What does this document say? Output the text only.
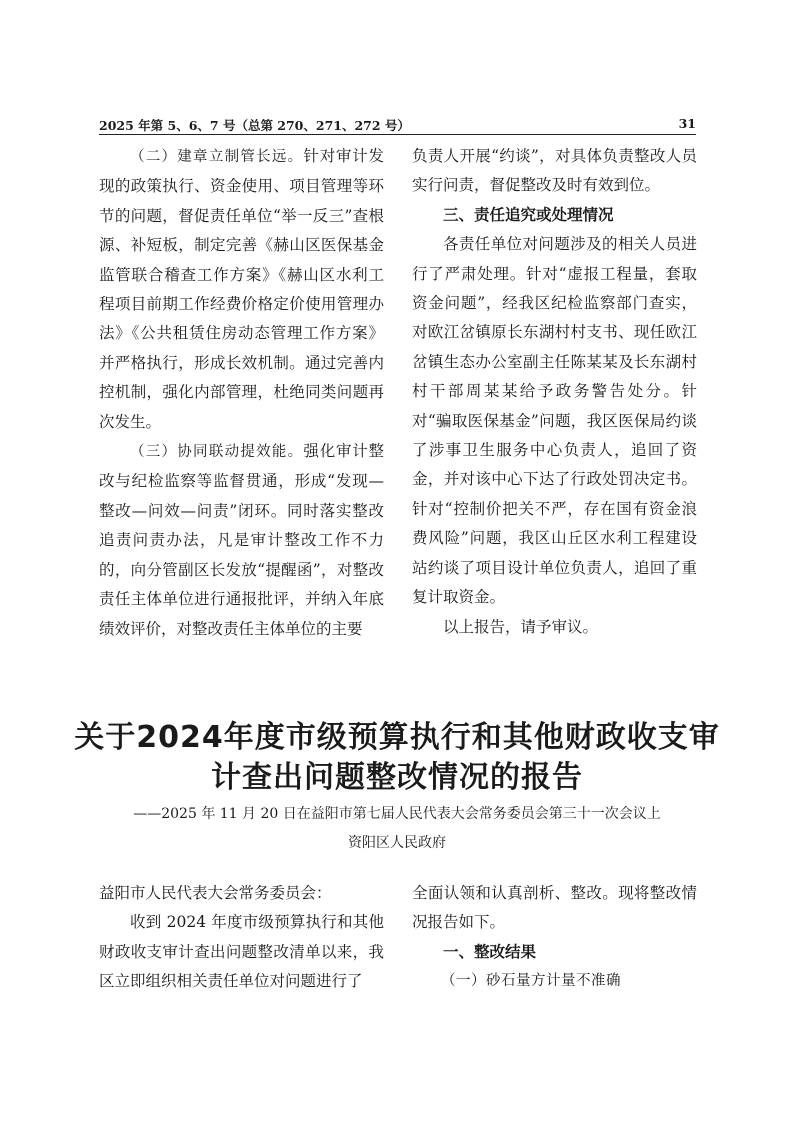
2025 年第 5、6、7 号（总第 270、271、272 号）	31

（二）建章立制管长远。针对审计发现的政策执行、资金使用、项目管理等环节的问题，督促责任单位“举一反三”查根源、补短板，制定完善《赫山区医保基金监管联合稽查工作方案》《赫山区水利工程项目前期工作经费价格定价使用管理办法》《公共租赁住房动态管理工作方案》并严格执行，形成长效机制。通过完善内控机制，强化内部管理，杜绝同类问题再次发生。

（三）协同联动提效能。强化审计整改与纪检监察等监督贯通，形成“发现—整改—问效—问责”闭环。同时落实整改追责问责办法，凡是审计整改工作不力的，向分管副区长发放“提醒函”，对整改责任主体单位进行通报批评，并纳入年底绩效评价，对整改责任主体单位的主要

负责人开展“约谈”，对具体负责整改人员实行问责，督促整改及时有效到位。

三、责任追究或处理情况

各责任单位对问题涉及的相关人员进行了严肃处理。针对“虚报工程量，套取资金问题”，经我区纪检监察部门查实，对欧江岔镇原长东湖村村支书、现任欧江岔镇生态办公室副主任陈某某及长东湖村村干部周某某给予政务警告处分。针对“骗取医保基金”问题，我区医保局约谈了涉事卫生服务中心负责人，追回了资金，并对该中心下达了行政处罚决定书。针对“控制价把关不严，存在国有资金浪费风险”问题，我区山丘区水利工程建设站约谈了项目设计单位负责人，追回了重复计取资金。

以上报告，请予审议。

关于2024年度市级预算执行和其他财政收支审
计查出问题整改情况的报告

——2025 年 11 月 20 日在益阳市第七届人民代表大会常务委员会第三十一次会议上

资阳区人民政府

益阳市人民代表大会常务委员会：

收到 2024 年度市级预算执行和其他财政收支审计查出问题整改清单以来，我区立即组织相关责任单位对问题进行了

全面认领和认真剖析、整改。现将整改情况报告如下。

一、整改结果

（一）砂石量方计量不准确
